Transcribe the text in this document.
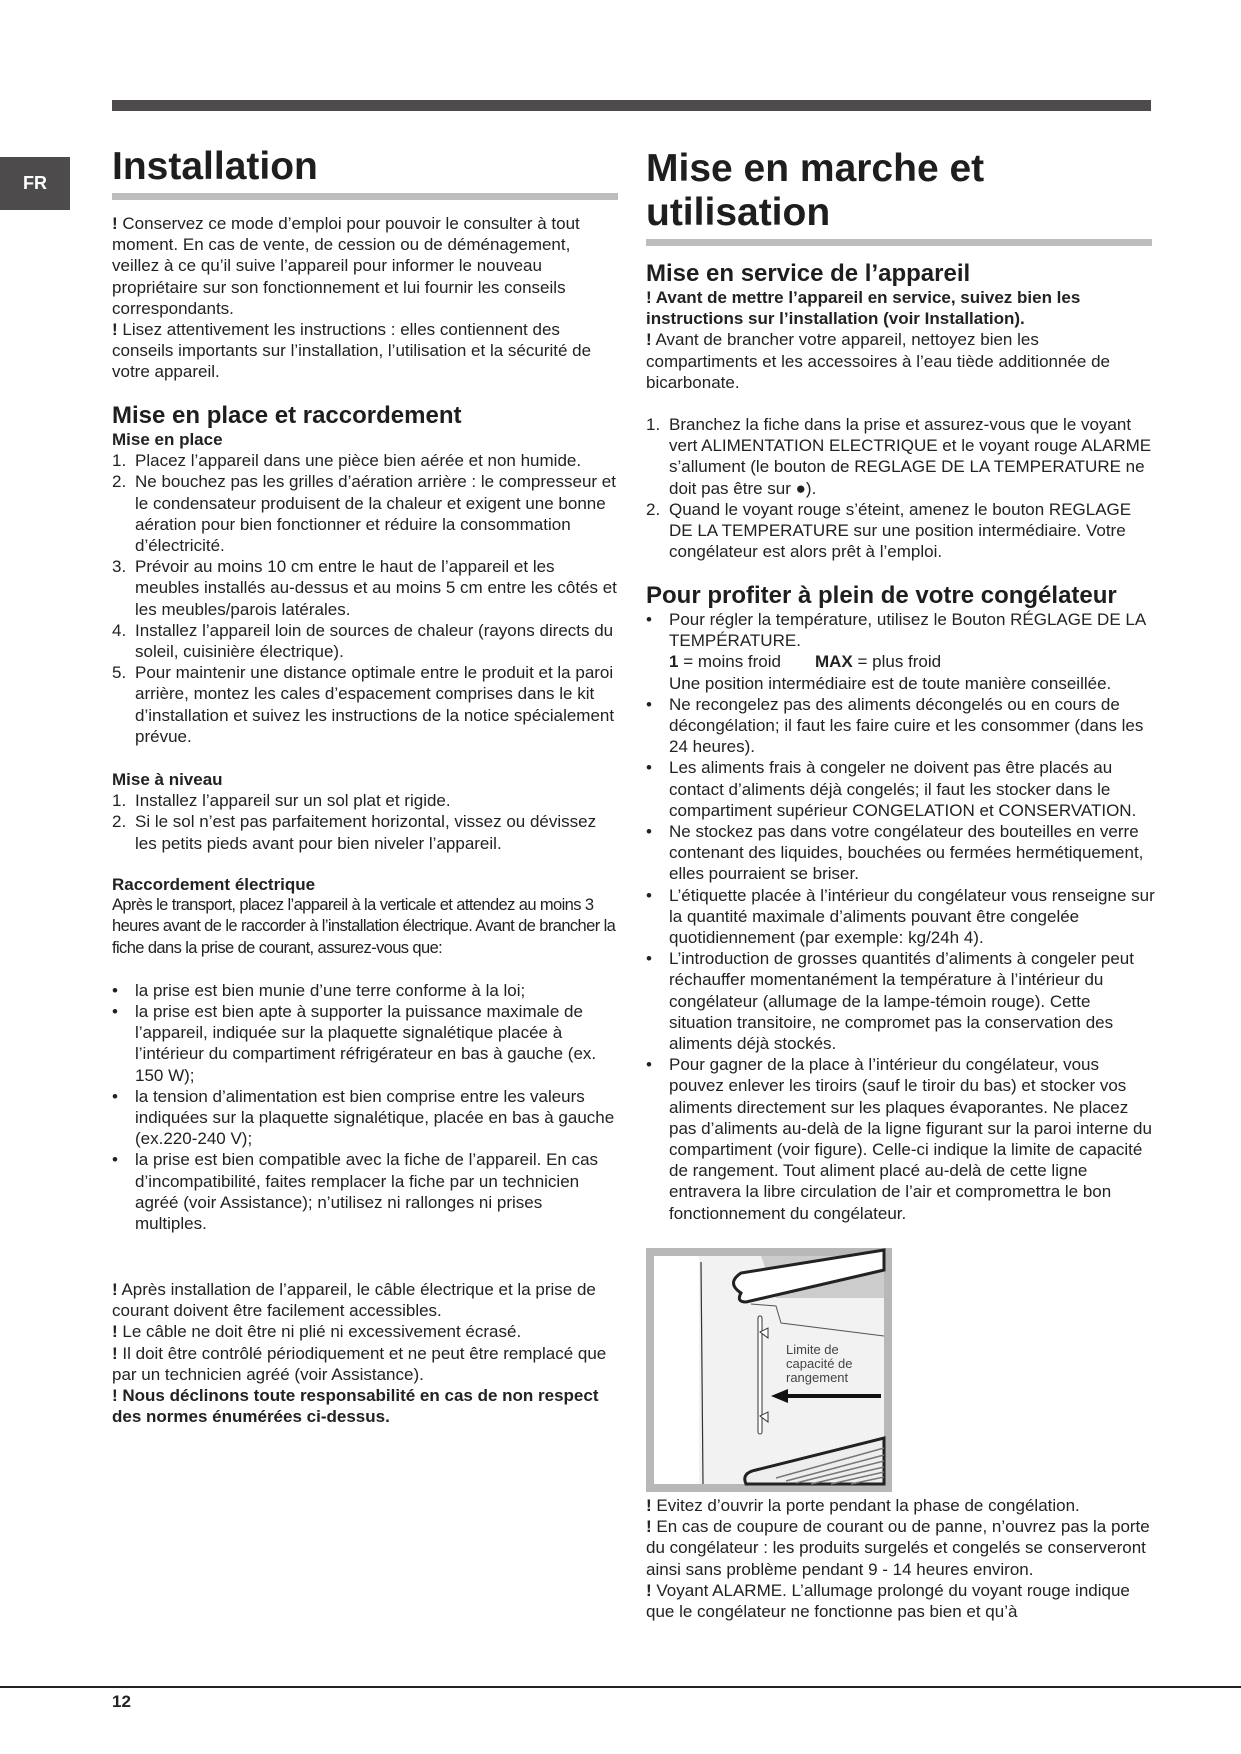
FR	Installation

! Conservez ce mode d’emploi pour pouvoir le consulter à tout moment. En cas de vente, de cession ou de déménagement, veillez à ce qu’il suive l’appareil pour informer le nouveau propriétaire sur son fonctionnement et lui fournir les conseils correspondants.

! Lisez attentivement les instructions : elles contiennent des conseils importants sur l’installation, l’utilisation et la sécurité de votre appareil.

Mise en place et raccordement
Mise en place
1. Placez l’appareil dans une pièce bien aérée et non humide.
2. Ne bouchez pas les grilles d’aération arrière : le compresseur et le condensateur produisent de la chaleur et exigent une bonne aération pour bien fonctionner et réduire la consommation d’électricité.
3. Prévoir au moins 10 cm entre le haut de l’appareil et les meubles installés au-dessus et au moins 5 cm entre les côtés et les meubles/parois latérales.
4. Installez l’appareil loin de sources de chaleur (rayons directs du soleil, cuisinière électrique).
5. Pour maintenir une distance optimale entre le produit et la paroi arrière, montez les cales d’espacement comprises dans le kit d’installation et suivez les instructions de la notice spécialement prévue.
Mise à niveau
1. Installez l’appareil sur un sol plat et rigide.
2. Si le sol n’est pas parfaitement horizontal, vissez ou dévissez les petits pieds avant pour bien niveler l’appareil.
Raccordement électrique

Après le transport, placez l’appareil à la verticale et attendez au moins 3 heures avant de le raccorder à l’installation électrique. Avant de brancher la fiche dans la prise de courant, assurez-vous que:

• la prise est bien munie d’une terre conforme à la loi;
• la prise est bien apte à supporter la puissance maximale de l’appareil, indiquée sur la plaquette signalétique placée à l’intérieur du compartiment réfrigérateur en bas à gauche (ex. 150 W);
• la tension d’alimentation est bien comprise entre les valeurs indiquées sur la plaquette signalétique, placée en bas à gauche (ex.220-240 V);
• la prise est bien compatible avec la fiche de l’appareil. En cas d’incompatibilité, faites remplacer la fiche par un technicien agréé (voir Assistance); n’utilisez ni rallonges ni prises multiples.

! Après installation de l’appareil, le câble électrique et la prise de courant doivent être facilement accessibles.

! Le câble ne doit être ni plié ni excessivement écrasé.

! Il doit être contrôlé périodiquement et ne peut être remplacé que par un technicien agréé (voir Assistance).

! Nous déclinons toute responsabilité en cas de non respect des normes énumérées ci-dessus.

Mise en marche et
utilisation
Mise en service de l’appareil

! Avant de mettre l’appareil en service, suivez bien les instructions sur l’installation (voir Installation).

! Avant de brancher votre appareil, nettoyez bien les compartiments et les accessoires à l’eau tiède additionnée de bicarbonate.

1. Branchez la fiche dans la prise et assurez-vous que le voyant vert ALIMENTATION ELECTRIQUE et le voyant rouge ALARME s’allument (le bouton de REGLAGE DE LA TEMPERATURE ne doit pas être sur ●).
2. Quand le voyant rouge s’éteint, amenez le bouton REGLAGE DE LA TEMPERATURE sur une position intermédiaire. Votre congélateur est alors prêt à l’emploi.
Pour profiter à plein de votre congélateur
• Pour régler la température, utilisez le Bouton RÉGLAGE DE LA TEMPÉRATURE.
1 = moins froid MAX = plus froid
Une position intermédiaire est de toute manière conseillée.
• Ne recongelez pas des aliments décongelés ou en cours de décongélation; il faut les faire cuire et les consommer (dans les 24 heures).
• Les aliments frais à congeler ne doivent pas être placés au contact d’aliments déjà congelés; il faut les stocker dans le compartiment supérieur CONGELATION et CONSERVATION.
• Ne stockez pas dans votre congélateur des bouteilles en verre contenant des liquides, bouchées ou fermées hermétiquement, elles pourraient se briser.
• L’étiquette placée à l’intérieur du congélateur vous renseigne sur la quantité maximale d’aliments pouvant être congelée quotidiennement (par exemple: kg/24h 4).
• L’introduction de grosses quantités d’aliments à congeler peut réchauffer momentanément la température à l’intérieur du congélateur (allumage de la lampe-témoin rouge). Cette situation transitoire, ne compromet pas la conservation des aliments déjà stockés.
• Pour gagner de la place à l’intérieur du congélateur, vous pouvez enlever les tiroirs (sauf le tiroir du bas) et stocker vos aliments directement sur les plaques évaporantes. Ne placez pas d’aliments au-delà de la ligne figurant sur la paroi interne du compartiment (voir figure). Celle-ci indique la limite de capacité de rangement. Tout aliment placé au-delà de cette ligne entravera la libre circulation de l’air et compromettra le bon fonctionnement du congélateur.
Limite de
capacité de
rangement

! Evitez d’ouvrir la porte pendant la phase de congélation.

! En cas de coupure de courant ou de panne, n’ouvrez pas la porte du congélateur : les produits surgelés et congelés se conserveront ainsi sans problème pendant 9 - 14 heures environ.

! Voyant ALARME. L’allumage prolongé du voyant rouge indique que le congélateur ne fonctionne pas bien et qu’à

12
